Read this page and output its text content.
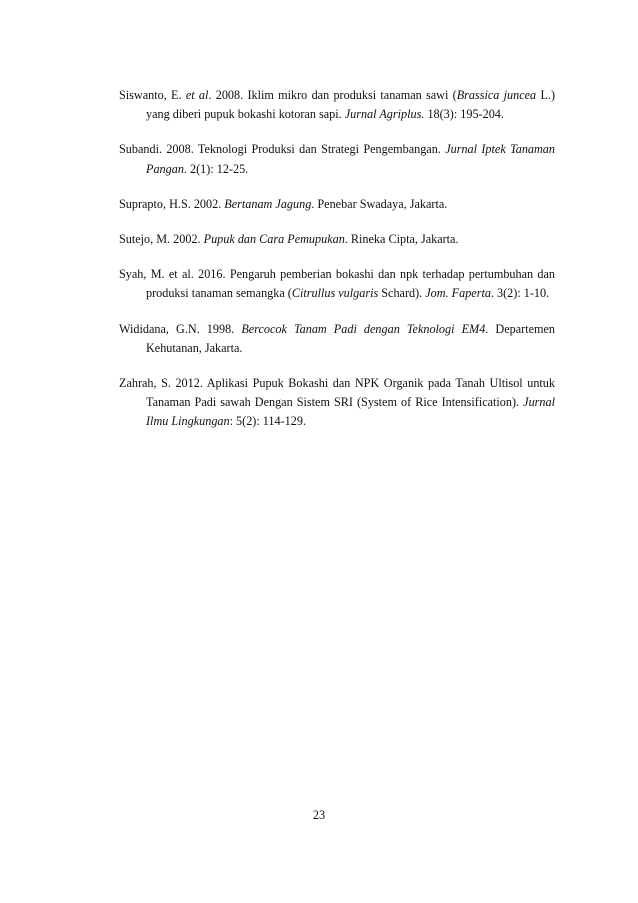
Siswanto, E. et al. 2008. Iklim mikro dan produksi tanaman sawi (Brassica juncea L.) yang diberi pupuk bokashi kotoran sapi. Jurnal Agriplus. 18(3): 195-204.

Subandi. 2008. Teknologi Produksi dan Strategi Pengembangan. Jurnal Iptek Tanaman Pangan. 2(1): 12-25.

Suprapto, H.S. 2002. Bertanam Jagung. Penebar Swadaya, Jakarta.

Sutejo, M. 2002. Pupuk dan Cara Pemupukan. Rineka Cipta, Jakarta.

Syah, M. et al. 2016. Pengaruh pemberian bokashi dan npk terhadap pertumbuhan dan produksi tanaman semangka (Citrullus vulgaris Schard). Jom. Faperta. 3(2): 1-10.

Wididana, G.N. 1998. Bercocok Tanam Padi dengan Teknologi EM4. Departemen Kehutanan, Jakarta.

Zahrah, S. 2012. Aplikasi Pupuk Bokashi dan NPK Organik pada Tanah Ultisol untuk Tanaman Padi sawah Dengan Sistem SRI (System of Rice Intensification). Jurnal Ilmu Lingkungan: 5(2): 114-129.

23
